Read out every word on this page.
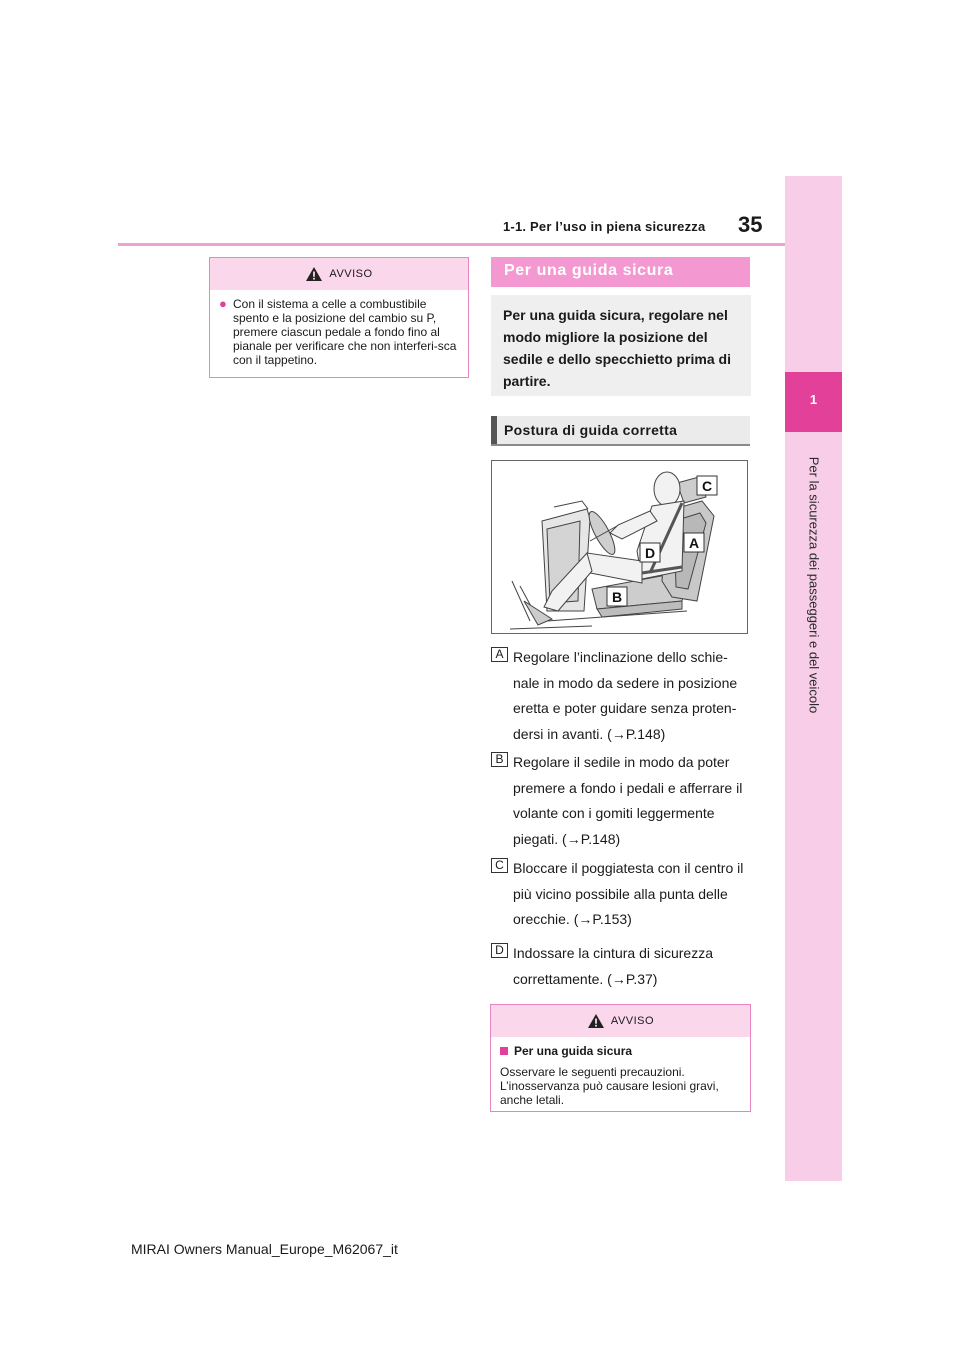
35
1-1. Per l’uso in piena sicurezza
1
Per la sicurezza dei passeggeri e del veicolo
AVVISO
● Con il sistema a celle a combustibile spento e la posizione del cambio su P, premere ciascun pedale a fondo fino al pianale per verificare che non interferi-sca con il tappetino.
Per una guida sicura
Per una guida sicura, regolare nel modo migliore la posizione del sedile e dello specchietto prima di partire.
Postura di guida corretta
C
A
D
B
A Regolare l’inclinazione dello schie-nale in modo da sedere in posizione eretta e poter guidare senza proten-dersi in avanti. (→P.148)
B Regolare il sedile in modo da poter premere a fondo i pedali e afferrare il volante con i gomiti leggermente piegati. (→P.148)
C Bloccare il poggiatesta con il centro il più vicino possibile alla punta delle orecchie. (→P.153)
D Indossare la cintura di sicurezza correttamente. (→P.37)
AVVISO
Per una guida sicura
Osservare le seguenti precauzioni. L’inosservanza può causare lesioni gravi, anche letali.
MIRAI Owners Manual_Europe_M62067_it
